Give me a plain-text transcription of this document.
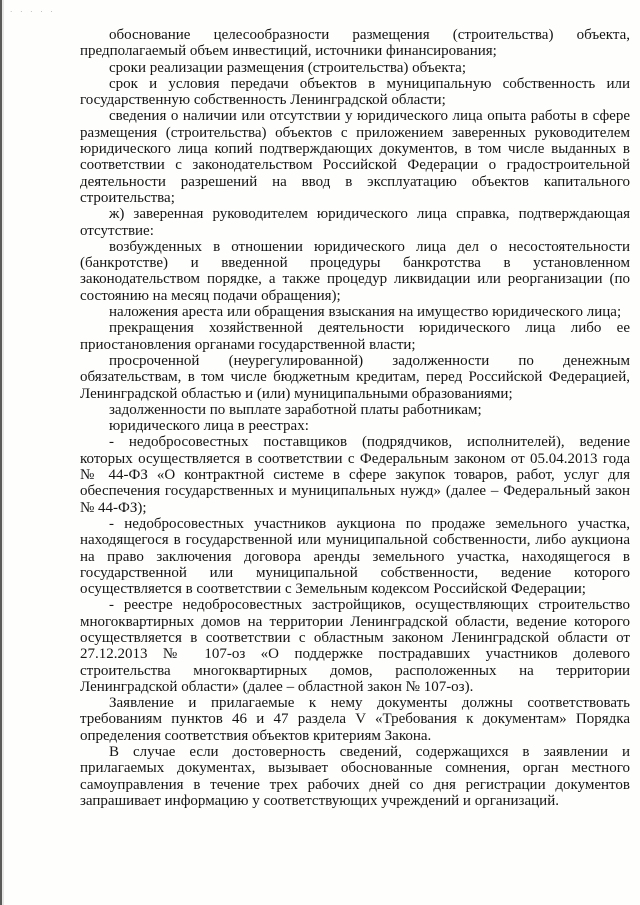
· · · · ·

обоснование целесообразности размещения (строительства) объекта, предполагаемый объем инвестиций, источники финансирования;

сроки реализации размещения (строительства) объекта;

срок и условия передачи объектов в муниципальную собственность или государственную собственность Ленинградской области;

сведения о наличии или отсутствии у юридического лица опыта работы в сфере размещения (строительства) объектов с приложением заверенных руководителем юридического лица копий подтверждающих документов, в том числе выданных в соответствии с законодательством Российской Федерации о градостроительной деятельности разрешений на ввод в эксплуатацию объектов капитального строительства;

ж) заверенная руководителем юридического лица справка, подтверждающая отсутствие:

возбужденных в отношении юридического лица дел о несостоятельности (банкротстве) и введенной процедуры банкротства в установленном законодательством порядке, а также процедур ликвидации или реорганизации (по состоянию на месяц подачи обращения);

наложения ареста или обращения взыскания на имущество юридического лица;

прекращения хозяйственной деятельности юридического лица либо ее приостановления органами государственной власти;

просроченной (неурегулированной) задолженности по денежным обязательствам, в том числе бюджетным кредитам, перед Российской Федерацией, Ленинградской областью и (или) муниципальными образованиями;

задолженности по выплате заработной платы работникам;

юридического лица в реестрах:

- недобросовестных поставщиков (подрядчиков, исполнителей), ведение которых осуществляется в соответствии с Федеральным законом от 05.04.2013 года № 44-ФЗ «О контрактной системе в сфере закупок товаров, работ, услуг для обеспечения государственных и муниципальных нужд» (далее – Федеральный закон № 44-ФЗ);

- недобросовестных участников аукциона по продаже земельного участка, находящегося в государственной или муниципальной собственности, либо аукциона на право заключения договора аренды земельного участка, находящегося в государственной или муниципальной собственности, ведение которого осуществляется в соответствии с Земельным кодексом Российской Федерации;

- реестре недобросовестных застройщиков, осуществляющих строительство многоквартирных домов на территории Ленинградской области, ведение которого осуществляется в соответствии с областным законом Ленинградской области от 27.12.2013 № 107-оз «О поддержке пострадавших участников долевого строительства многоквартирных домов, расположенных на территории Ленинградской области» (далее – областной закон № 107-оз).

Заявление и прилагаемые к нему документы должны соответствовать требованиям пунктов 46 и 47 раздела V «Требования к документам» Порядка определения соответствия объектов критериям Закона.

В случае если достоверность сведений, содержащихся в заявлении и прилагаемых документах, вызывает обоснованные сомнения, орган местного самоуправления в течение трех рабочих дней со дня регистрации документов запрашивает информацию у соответствующих учреждений и организаций.
